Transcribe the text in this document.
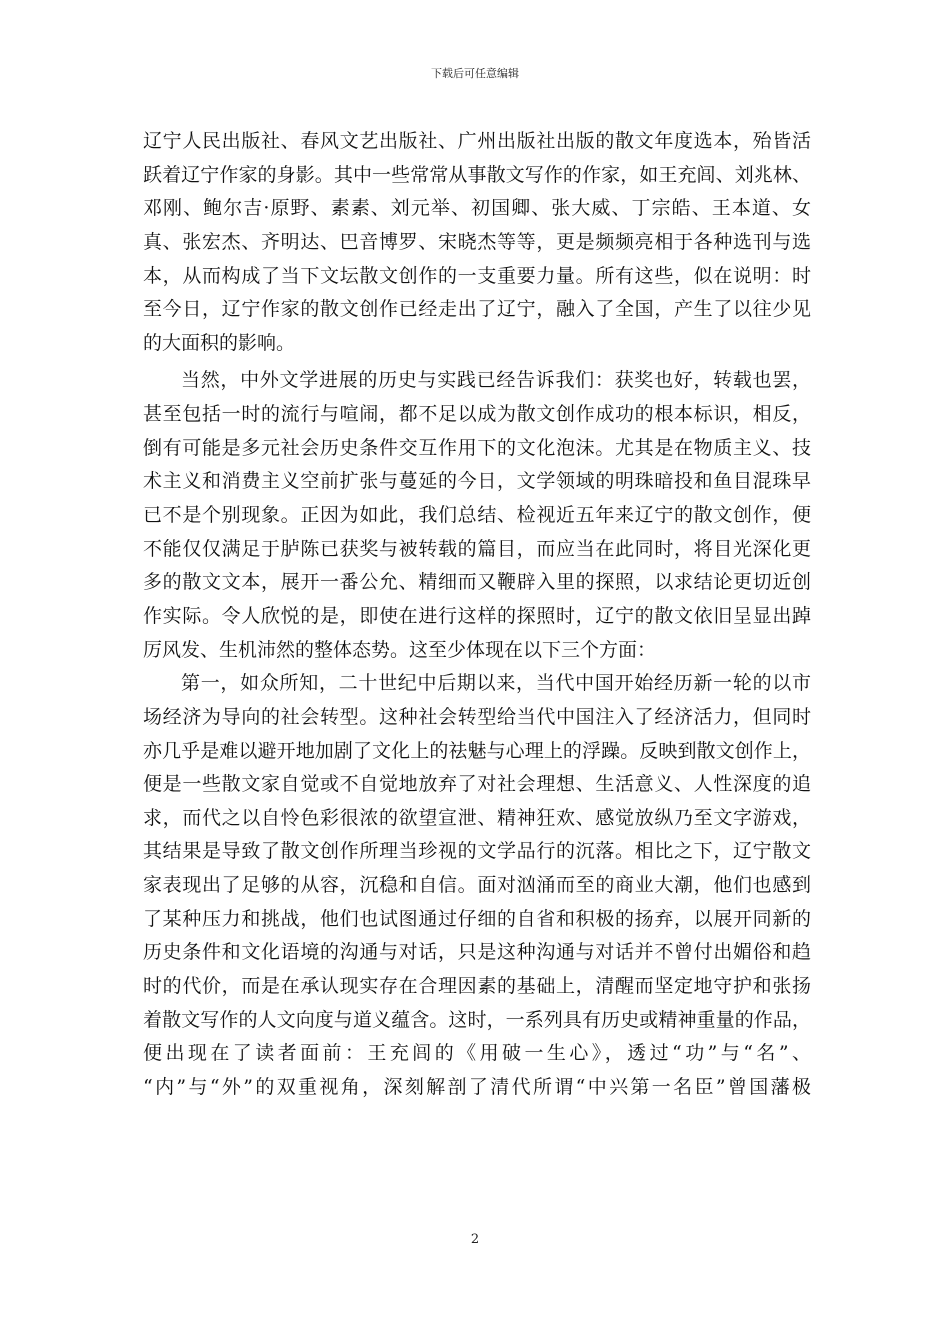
下载后可任意编辑
辽宁人民出版社、春风文艺出版社、广州出版社出版的散文年度选本，殆皆活
跃着辽宁作家的身影。其中一些常常从事散文写作的作家，如王充闾、刘兆林、
邓刚、鲍尔吉·原野、素素、刘元举、初国卿、张大威、丁宗皓、王本道、女
真、张宏杰、齐明达、巴音博罗、宋晓杰等等，更是频频亮相于各种选刊与选
本，从而构成了当下文坛散文创作的一支重要力量。所有这些，似在说明：时
至今日，辽宁作家的散文创作已经走出了辽宁，融入了全国，产生了以往少见
的大面积的影响。
当然，中外文学进展的历史与实践已经告诉我们：获奖也好，转载也罢，
甚至包括一时的流行与喧闹，都不足以成为散文创作成功的根本标识，相反，
倒有可能是多元社会历史条件交互作用下的文化泡沫。尤其是在物质主义、技
术主义和消费主义空前扩张与蔓延的今日，文学领域的明珠暗投和鱼目混珠早
已不是个别现象。正因为如此，我们总结、检视近五年来辽宁的散文创作，便
不能仅仅满足于胪陈已获奖与被转载的篇目，而应当在此同时，将目光深化更
多的散文文本，展开一番公允、精细而又鞭辟入里的探照，以求结论更切近创
作实际。令人欣悦的是，即使在进行这样的探照时，辽宁的散文依旧呈显出踔
厉风发、生机沛然的整体态势。这至少体现在以下三个方面：
第一，如众所知，二十世纪中后期以来，当代中国开始经历新一轮的以市
场经济为导向的社会转型。这种社会转型给当代中国注入了经济活力，但同时
亦几乎是难以避开地加剧了文化上的祛魅与心理上的浮躁。反映到散文创作上，
便是一些散文家自觉或不自觉地放弃了对社会理想、生活意义、人性深度的追
求，而代之以自怜色彩很浓的欲望宣泄、精神狂欢、感觉放纵乃至文字游戏，
其结果是导致了散文创作所理当珍视的文学品行的沉落。相比之下，辽宁散文
家表现出了足够的从容，沉稳和自信。面对汹涌而至的商业大潮，他们也感到
了某种压力和挑战，他们也试图通过仔细的自省和积极的扬弃，以展开同新的
历史条件和文化语境的沟通与对话，只是这种沟通与对话并不曾付出媚俗和趋
时的代价，而是在承认现实存在合理因素的基础上，清醒而坚定地守护和张扬
着散文写作的人文向度与道义蕴含。这时，一系列具有历史或精神重量的作品，
便出现在了读者面前：王充闾的《用破一生心》，透过“功”与“名”、
“内”与“外”的双重视角，深刻解剖了清代所谓“中兴第一名臣”曾国藩极
2
